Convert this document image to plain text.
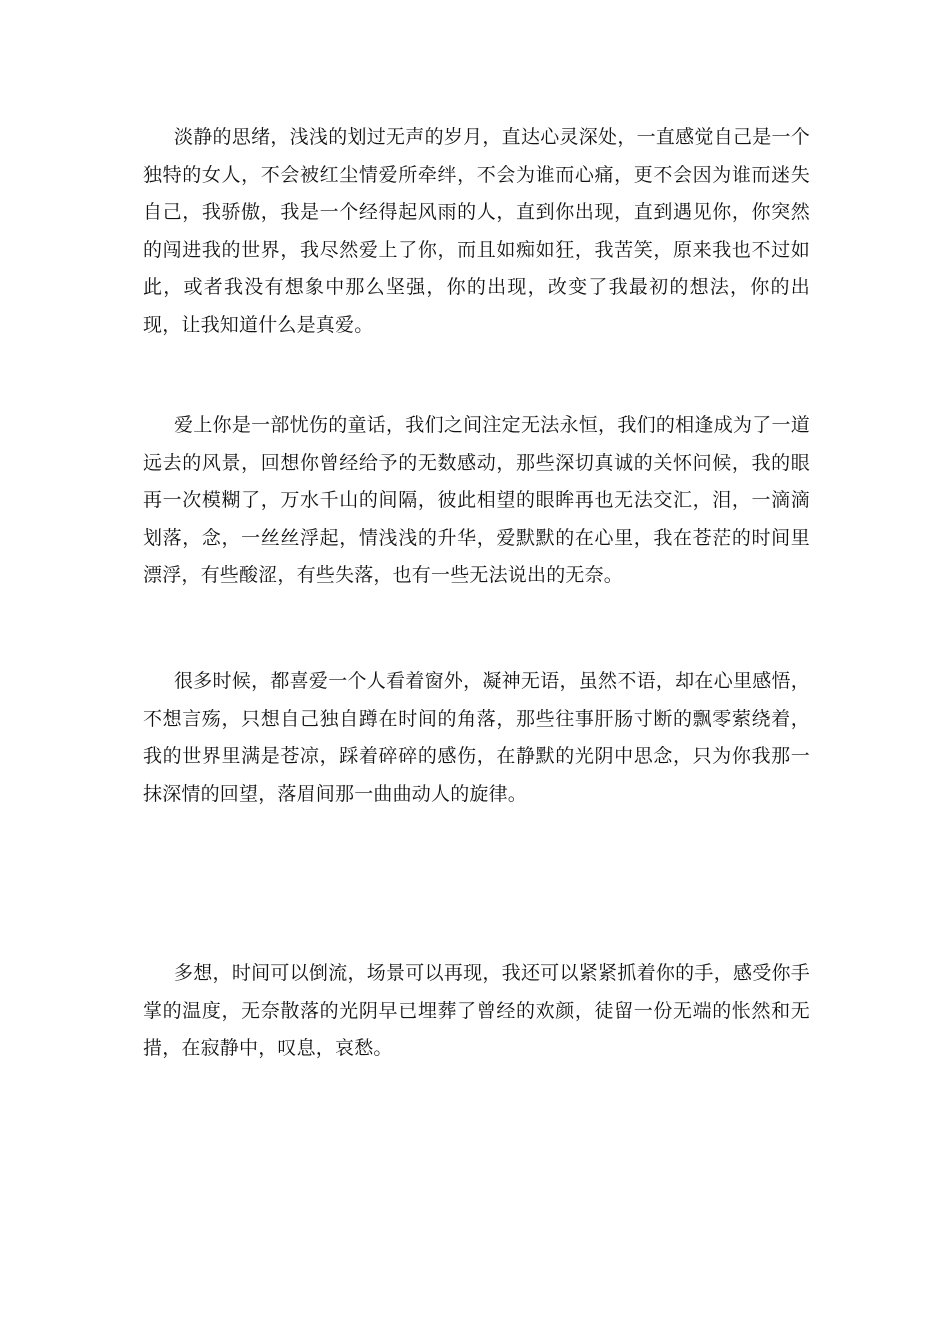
淡静的思绪，浅浅的划过无声的岁月，直达心灵深处，一直感觉自己是一个独特的女人，不会被红尘情爱所牵绊，不会为谁而心痛，更不会因为谁而迷失自己，我骄傲，我是一个经得起风雨的人，直到你出现，直到遇见你，你突然的闯进我的世界，我尽然爱上了你，而且如痴如狂，我苦笑，原来我也不过如此，或者我没有想象中那么坚强，你的出现，改变了我最初的想法，你的出现，让我知道什么是真爱。

爱上你是一部忧伤的童话，我们之间注定无法永恒，我们的相逢成为了一道远去的风景，回想你曾经给予的无数感动，那些深切真诚的关怀问候，我的眼再一次模糊了，万水千山的间隔，彼此相望的眼眸再也无法交汇，泪，一滴滴划落，念，一丝丝浮起，情浅浅的升华，爱默默的在心里，我在苍茫的时间里漂浮，有些酸涩，有些失落，也有一些无法说出的无奈。

很多时候，都喜爱一个人看着窗外，凝神无语，虽然不语，却在心里感悟，不想言殇，只想自己独自蹲在时间的角落，那些往事肝肠寸断的飘零萦绕着，我的世界里满是苍凉，踩着碎碎的感伤，在静默的光阴中思念，只为你我那一抹深情的回望，落眉间那一曲曲动人的旋律。

多想，时间可以倒流，场景可以再现，我还可以紧紧抓着你的手，感受你手掌的温度，无奈散落的光阴早已埋葬了曾经的欢颜，徒留一份无端的怅然和无措，在寂静中，叹息，哀愁。
